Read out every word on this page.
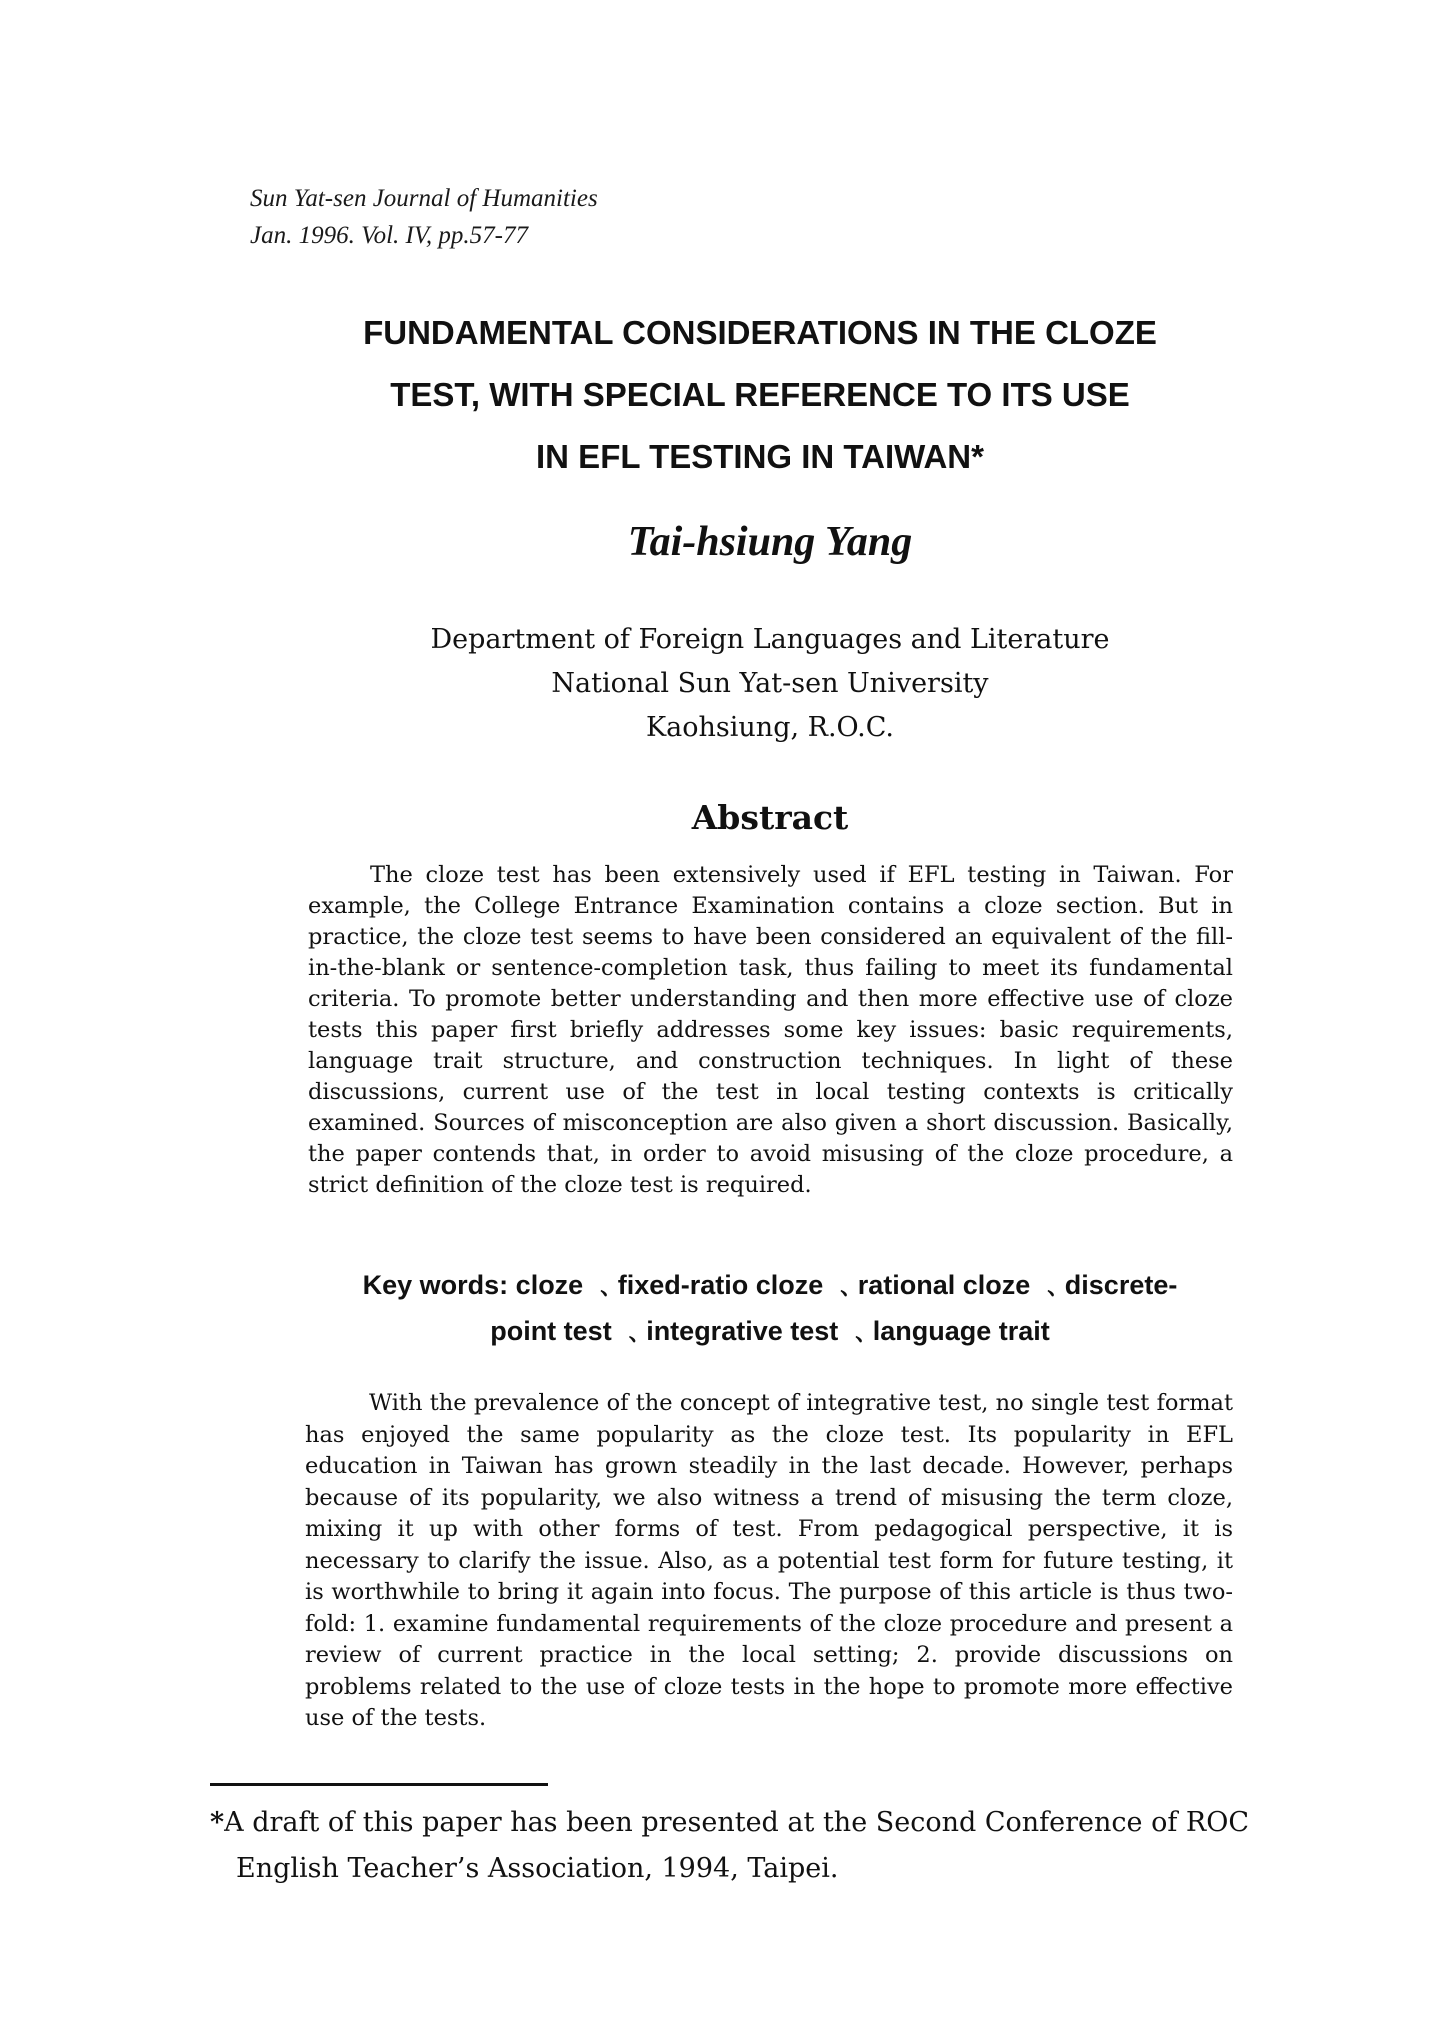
Sun Yat-sen Journal of Humanities
Jan. 1996. Vol. IV, pp.57-77
FUNDAMENTAL CONSIDERATIONS IN THE CLOZE
TEST, WITH SPECIAL REFERENCE TO ITS USE
IN EFL TESTING IN TAIWAN*
Tai-hsiung Yang
Department of Foreign Languages and Literature
National Sun Yat-sen University
Kaohsiung, R.O.C.
Abstract
The cloze test has been extensively used if EFL testing in Taiwan. For example, the College Entrance Examination contains a cloze section. But in practice, the cloze test seems to have been considered an equivalent of the fill-in-the-blank or sentence-completion task, thus failing to meet its fundamental criteria. To promote better understanding and then more effective use of cloze tests this paper first briefly addresses some key issues: basic requirements, language trait structure, and construction techniques. In light of these discussions, current use of the test in local testing contexts is critically examined. Sources of misconception are also given a short discussion. Basically, the paper contends that, in order to avoid misusing of the cloze procedure, a strict definition of the cloze test is required.
Key words: cloze ﹑fixed-ratio cloze ﹑rational cloze ﹑discrete-
point test ﹑integrative test ﹑language trait
With the prevalence of the concept of integrative test, no single test format has enjoyed the same popularity as the cloze test. Its popularity in EFL education in Taiwan has grown steadily in the last decade. However, perhaps because of its popularity, we also witness a trend of misusing the term cloze, mixing it up with other forms of test. From pedagogical perspective, it is necessary to clarify the issue. Also, as a potential test form for future testing, it is worthwhile to bring it again into focus. The purpose of this article is thus two-fold: 1. examine fundamental requirements of the cloze procedure and present a review of current practice in the local setting; 2. provide discussions on problems related to the use of cloze tests in the hope to promote more effective use of the tests.
*A draft of this paper has been presented at the Second Conference of ROC
English Teacher’s Association, 1994, Taipei.
